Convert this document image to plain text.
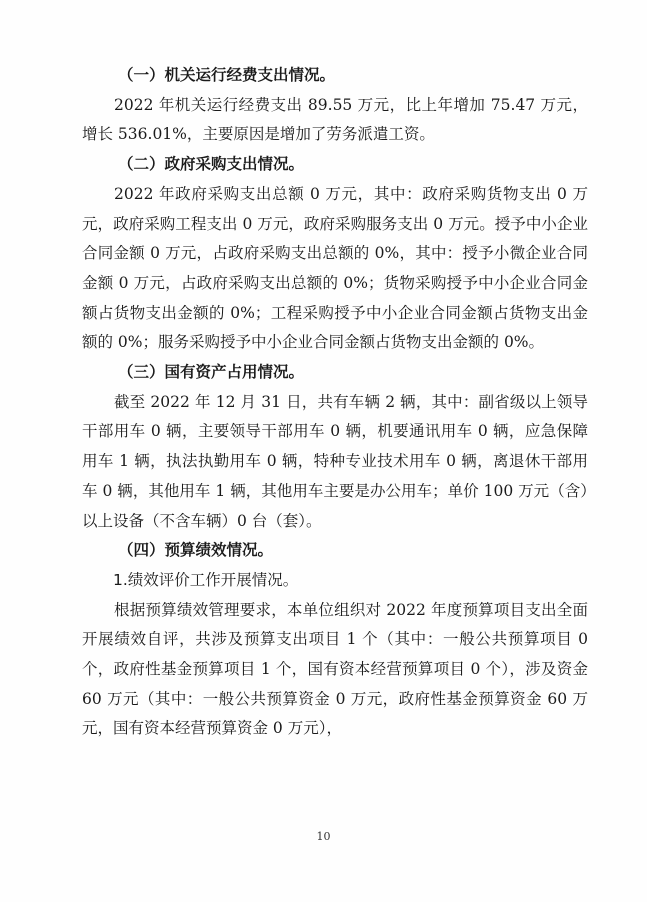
（一）机关运行经费支出情况。

2022 年机关运行经费支出 89.55 万元，比上年增加 75.47 万元，增长 536.01%，主要原因是增加了劳务派遣工资。

（二）政府采购支出情况。

2022 年政府采购支出总额 0 万元，其中：政府采购货物支出 0 万元，政府采购工程支出 0 万元，政府采购服务支出 0 万元。授予中小企业合同金额 0 万元，占政府采购支出总额的 0%，其中：授予小微企业合同金额 0 万元，占政府采购支出总额的 0%；货物采购授予中小企业合同金额占货物支出金额的 0%；工程采购授予中小企业合同金额占货物支出金额的 0%；服务采购授予中小企业合同金额占货物支出金额的 0%。

（三）国有资产占用情况。

截至 2022 年 12 月 31 日，共有车辆 2 辆，其中：副省级以上领导干部用车 0 辆，主要领导干部用车 0 辆，机要通讯用车 0 辆，应急保障用车 1 辆，执法执勤用车 0 辆，特种专业技术用车 0 辆，离退休干部用车 0 辆，其他用车 1 辆，其他用车主要是办公用车；单价 100 万元（含）以上设备（不含车辆）0 台（套）。

（四）预算绩效情况。

1.绩效评价工作开展情况。

根据预算绩效管理要求，本单位组织对 2022 年度预算项目支出全面开展绩效自评，共涉及预算支出项目 1 个（其中：一般公共预算项目 0 个，政府性基金预算项目 1 个，国有资本经营预算项目 0 个），涉及资金 60 万元（其中：一般公共预算资金 0 万元，政府性基金预算资金 60 万元，国有资本经营预算资金 0 万元），

10
